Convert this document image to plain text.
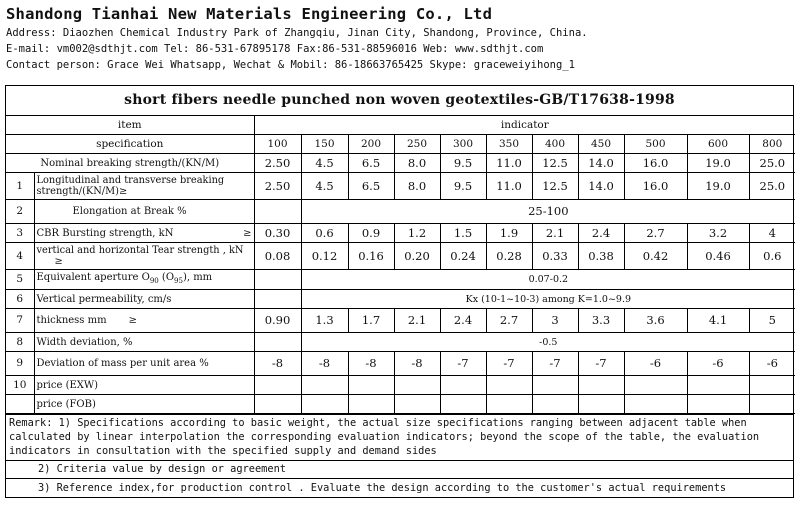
Shandong Tianhai New Materials Engineering Co., Ltd
Address: Diaozhen Chemical Industry Park of Zhangqiu, Jinan City, Shandong, Province, China.
E-mail: vm002@sdthjt.com Tel: 86-531-67895178 Fax:86-531-88596016 Web: www.sdthjt.com
Contact person: Grace Wei Whatsapp, Wechat & Mobil: 86-18663765425 Skype: graceweiyihong_1
short fibers needle punched non woven geotextiles-GB/T17638-1998
item		indicator										
specification		100	150	200	250	300	350	400	450	500	600	800
Nominal breaking strength/(KN/M)		2.50	4.5	6.5	8.0	9.5	11.0	12.5	14.0	16.0	19.0	25.0
1	Longitudinal and transverse breaking strength/(KN/M)≥	2.50	4.5	6.5	8.0	9.5	11.0	12.5	14.0	16.0	19.0	25.0
2	Elongation at Break %		25-100									
3	CBR Bursting strength, kN ≥	0.30	0.6	0.9	1.2	1.5	1.9	2.1	2.4	2.7	3.2	4
4	vertical and horizontal Tear strength , kN ≥	0.08	0.12	0.16	0.20	0.24	0.28	0.33	0.38	0.42	0.46	0.6
5	Equivalent aperture $O_{90}$ $(O_{95})$, mm		0.07-0.2									
6	Vertical permeability, cm/s		Kx (10-1~10-3) among K=1.0~9.9									
7	thickness mm ≥	0.90	1.3	1.7	2.1	2.4	2.7	3	3.3	3.6	4.1	5
8	Width deviation, %		-0.5									
9	Deviation of mass per unit area %	-8	-8	-8	-8	-7	-7	-7	-7	-6	-6	-6
10	price (EXW)											
	price (FOB)											
Remark: 1) Specifications according to basic weight, the actual size specifications ranging between adjacent table when calculated by linear interpolation the corresponding evaluation indicators; beyond the scope of the table, the evaluation indicators in consultation with the specified supply and demand sides
2) Criteria value by design or agreement
3) Reference index,for production control . Evaluate the design according to the customer's actual requirements
